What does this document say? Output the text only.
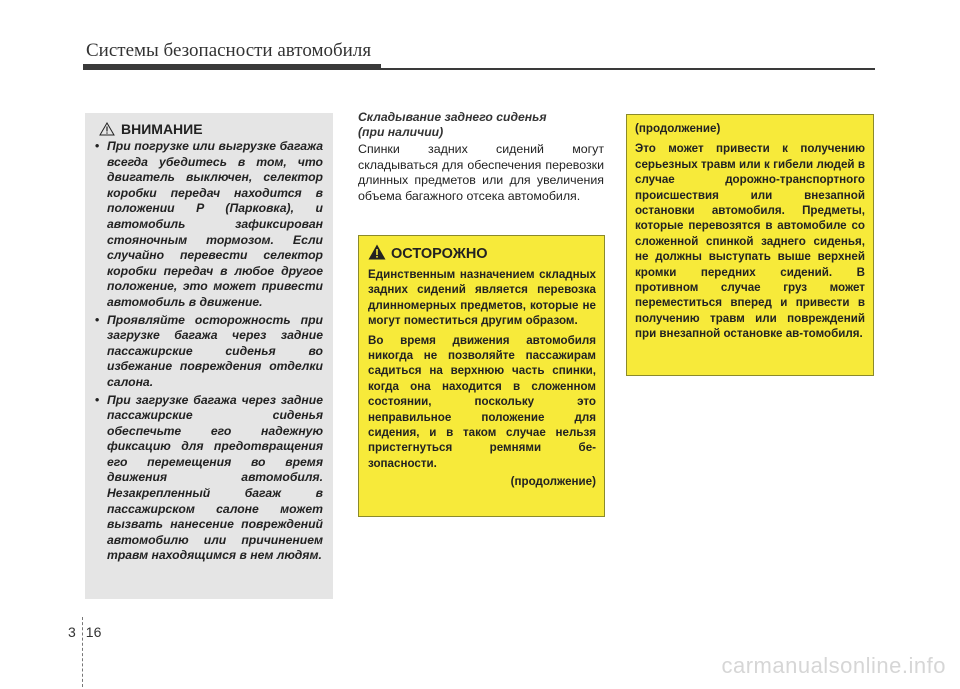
Системы безопасности автомобиля
ВНИМАНИЕ
• При погрузке или выгрузке багажа всегда убедитесь в том, что двигатель выключен, селектор коробки передач находится в положении P (Парковка), и автомобиль зафиксирован стояночным тормозом. Если случайно перевести селектор коробки передач в любое другое положение, это может привести автомобиль в движение.
• Проявляйте осторожность при загрузке багажа через задние пассажирские сиденья во избежание повреждения отделки салона.
• При загрузке багажа через задние пассажирские сиденья обеспечьте его надежную фиксацию для предотвращения его перемещения во время движения автомобиля. Незакрепленный багаж в пассажирском салоне может вызвать нанесение повреждений автомобилю или причинением травм находящимся в нем людям.
Складывание заднего сиденья
(при наличии)
Спинки задних сидений могут складываться для обеспечения перевозки длинных предметов или для увеличения объема багажного отсека автомобиля.
ОСТОРОЖНО

Единственным назначением складных задних сидений является перевозка длинномерных предметов, которые не могут поместиться другим образом.

Во время движения автомобиля никогда не позволяйте пассажирам садиться на верхнюю часть спинки, когда она находится в сложенном состоянии, поскольку это неправильное положение для сидения, и в таком случае нельзя пристегнуться ремнями бе-зопасности.

(продолжение)
(продолжение)
Это может привести к получению серьезных травм или к гибели людей в случае дорожно-транспортного происшествия или внезапной остановки автомобиля. Предметы, которые перевозятся в автомобиле со сложенной спинкой заднего сиденья, не должны выступать выше верхней кромки передних сидений. В противном случае груз может переместиться вперед и привести в получению травм или повреждений при внезапной остановке ав-томобиля.
3 16
carmanualsonline.info
